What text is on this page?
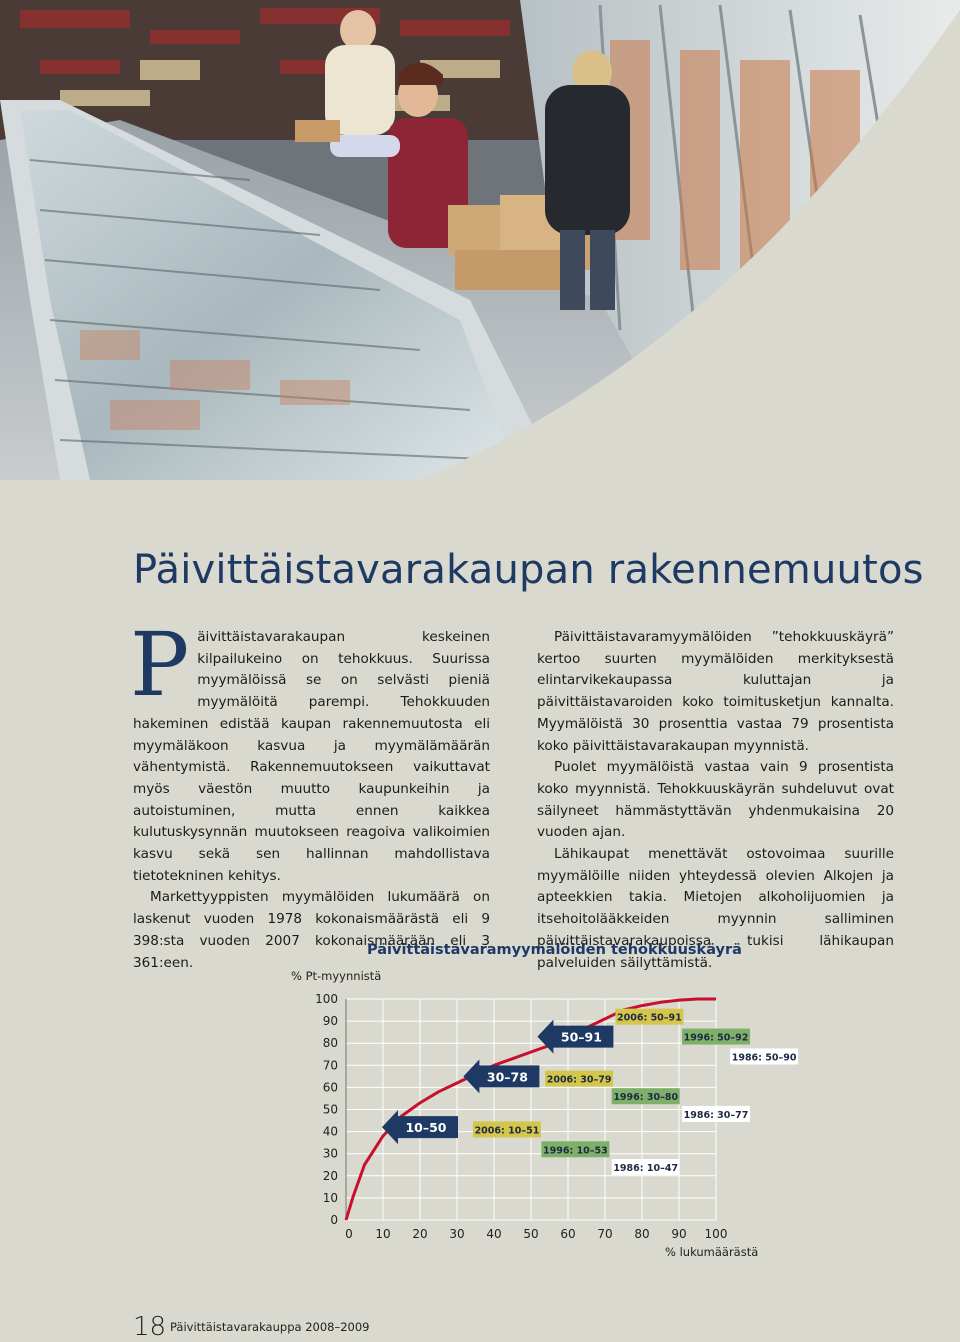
Päivittäistavarakaupan rakennemuutos

Päivittäistavarakaupan keskeinen kilpailukeino on tehokkuus. Suurissa myymälöissä se on selvästi pieniä myymälöitä parempi. Tehokkuuden hakeminen edistää kaupan rakennemuutosta eli myymäläkoon kasvua ja myymälämäärän vähentymistä. Rakennemuutokseen vaikuttavat myös väestön muutto kaupunkeihin ja autoistuminen, mutta ennen kaikkea kulutuskysynnän muutokseen reagoiva valikoimien kasvu sekä sen hallinnan mahdollistava tietotekninen kehitys.

Markettyyppisten myymälöiden lukumäärä on laskenut vuoden 1978 kokonaismäärästä eli 9 398:sta vuoden 2007 kokonaismäärään eli 3 361:een.

Päivittäistavaramyymälöiden ”tehokkuuskäyrä” kertoo suurten myymälöiden merkityksestä elintarvikekaupassa kuluttajan ja päivittäistavaroiden koko toimitusketjun kannalta. Myymälöistä 30 prosenttia vastaa 79 prosentista koko päivittäistavarakaupan myynnistä.

Puolet myymälöistä vastaa vain 9 prosentista koko myynnistä. Tehokkuuskäyrän suhdeluvut ovat säilyneet hämmästyttävän yhdenmukaisina 20 vuoden ajan.

Lähikaupat menettävät ostovoimaa suurille myymälöille niiden yhteydessä olevien Alkojen ja apteekkien takia. Mietojen alkoholijuomien ja itsehoitolääkkeiden myynnin salliminen päivittäistavarakaupoissa tukisi lähikaupan palveluiden säilyttämistä.

Päivittäistavaramyymälöiden tehokkuuskäyrä
% Pt-myynnistä
% lukumäärästä
0
10
20
30
40
50
60
70
80
90
100
0 10 20 30 40 50 60 70 80 90 100
10–50
30–78
50–91
2006: 10–51
1996: 10–53
1986: 10–47
2006: 30–79
1996: 30–80
1986: 30–77
2006: 50–91
1996: 50–92
1986: 50–90
18 Päivittäistavarakauppa 2008–2009
